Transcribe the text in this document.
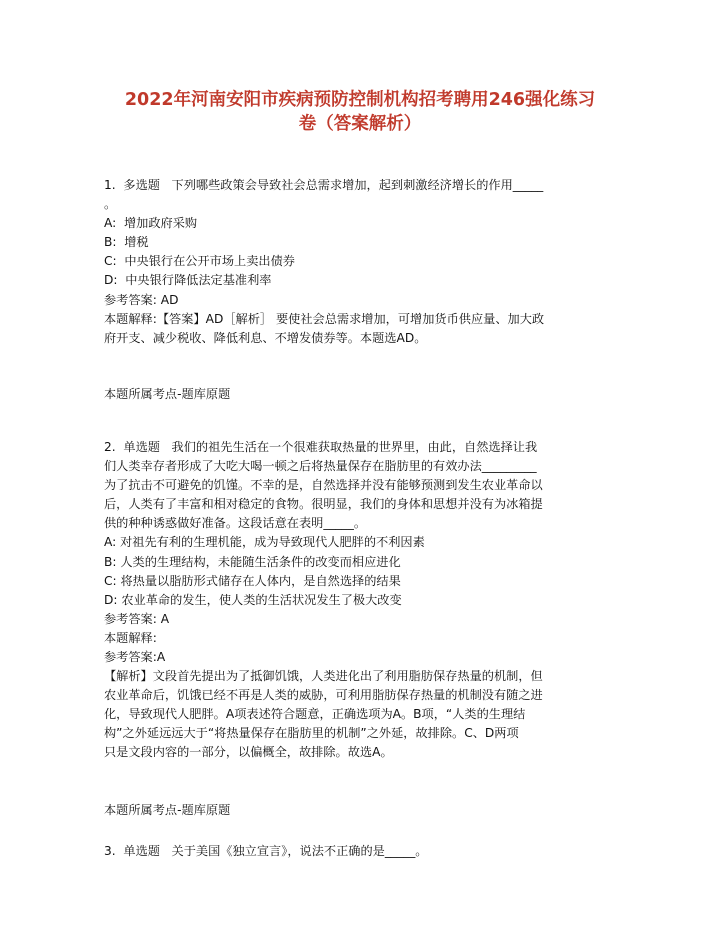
2022年河南安阳市疾病预防控制机构招考聘用246强化练习
卷（答案解析）
1.  多选题   下列哪些政策会导致社会总需求增加，起到刺激经济增长的作用_____
。
A:  增加政府采购
B:  增税
C:  中央银行在公开市场上卖出债券
D:  中央银行降低法定基准利率
参考答案: AD
本题解释:【答案】AD［解析］ 要使社会总需求增加，可增加货币供应量、加大政
府开支、减少税收、降低利息、不增发债券等。本题选AD。
本题所属考点-题库原题
2.  单选题   我们的祖先生活在一个很难获取热量的世界里，由此，自然选择让我
们人类幸存者形成了大吃大喝一顿之后将热量保存在脂肪里的有效办法_________
为了抗击不可避免的饥馑。不幸的是，自然选择并没有能够预测到发生农业革命以
后，人类有了丰富和相对稳定的食物。很明显，我们的身体和思想并没有为冰箱提
供的种种诱惑做好准备。这段话意在表明_____。
A: 对祖先有利的生理机能，成为导致现代人肥胖的不利因素
B: 人类的生理结构，未能随生活条件的改变而相应进化
C: 将热量以脂肪形式储存在人体内，是自然选择的结果
D: 农业革命的发生，使人类的生活状况发生了极大改变
参考答案: A
本题解释:
参考答案:A
【解析】文段首先提出为了抵御饥饿，人类进化出了利用脂肪保存热量的机制，但
农业革命后，饥饿已经不再是人类的威胁，可利用脂肪保存热量的机制没有随之进
化，导致现代人肥胖。A项表述符合题意，正确选项为A。B项，“人类的生理结
构”之外延远远大于“将热量保存在脂肪里的机制”之外延，故排除。C、D两项
只是文段内容的一部分，以偏概全，故排除。故选A。
本题所属考点-题库原题
3.  单选题   关于美国《独立宣言》，说法不正确的是_____。
